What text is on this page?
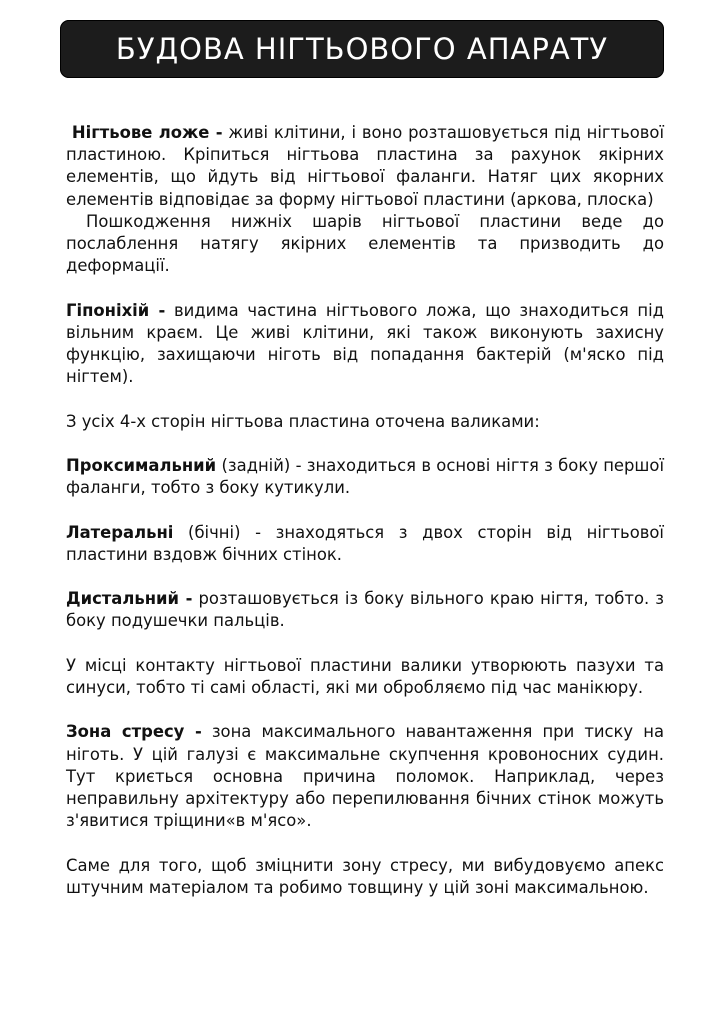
БУДОВА НІГТЬОВОГО АПАРАТУ

Нігтьове ложе - живі клітини, і воно розташовується під нігтьової пластиною. Кріпиться нігтьова пластина за рахунок якірних елементів, що йдуть від нігтьової фаланги. Натяг цих якорних елементів відповідає за форму нігтьової пластини (аркова, плоска)

Пошкодження нижніх шарів нігтьової пластини веде до послаблення натягу якірних елементів та призводить до деформації.

Гіпоніхій - видима частина нігтьового ложа, що знаходиться під вільним краєм. Це живі клітини, які також виконують захисну функцію, захищаючи ніготь від попадання бактерій (м'яско під нігтем).

З усіх 4-х сторін нігтьова пластина оточена валиками:

Проксимальний (задній) - знаходиться в основі нігтя з боку першої фаланги, тобто з боку кутикули.

Латеральні (бічні) - знаходяться з двох сторін від нігтьової пластини вздовж бічних стінок.

Дистальний - розташовується із боку вільного краю нігтя, тобто. з боку подушечки пальців.

У місці контакту нігтьової пластини валики утворюють пазухи та синуси, тобто ті самі області, які ми обробляємо під час манікюру.

Зона стресу - зона максимального навантаження при тиску на ніготь. У цій галузі є максимальне скупчення кровоносних судин. Тут криється основна причина поломок. Наприклад, через неправильну архітектуру або перепилювання бічних стінок можуть з'явитися тріщини«в м'ясо».

Саме для того, щоб зміцнити зону стресу, ми вибудовуємо апекс штучним матеріалом та робимо товщину у цій зоні максимальною.
